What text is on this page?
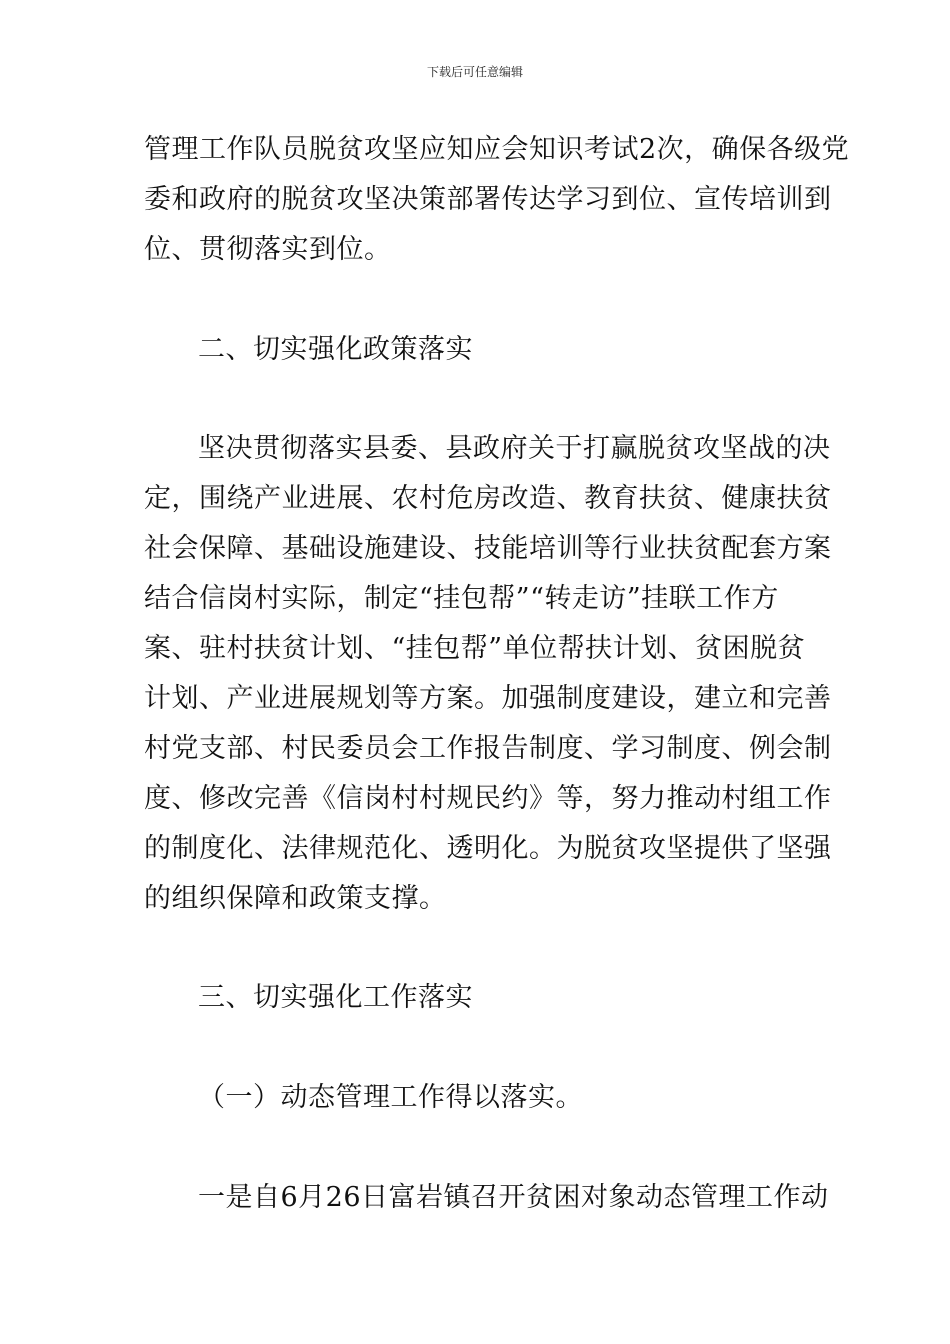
下载后可任意编辑
管理工作队员脱贫攻坚应知应会知识考试2次，确保各级党
委和政府的脱贫攻坚决策部署传达学习到位、宣传培训到
位、贯彻落实到位。
二、切实强化政策落实
坚决贯彻落实县委、县政府关于打赢脱贫攻坚战的决
定，围绕产业进展、农村危房改造、教育扶贫、健康扶贫
社会保障、基础设施建设、技能培训等行业扶贫配套方案
结合信岗村实际，制定“挂包帮”“转走访”挂联工作方
案、驻村扶贫计划、“挂包帮”单位帮扶计划、贫困脱贫
计划、产业进展规划等方案。加强制度建设，建立和完善
村党支部、村民委员会工作报告制度、学习制度、例会制
度、修改完善《信岗村村规民约》等，努力推动村组工作
的制度化、法律规范化、透明化。为脱贫攻坚提供了坚强
的组织保障和政策支撑。
三、切实强化工作落实
（一）动态管理工作得以落实。
一是自6月26日富岩镇召开贫困对象动态管理工作动
